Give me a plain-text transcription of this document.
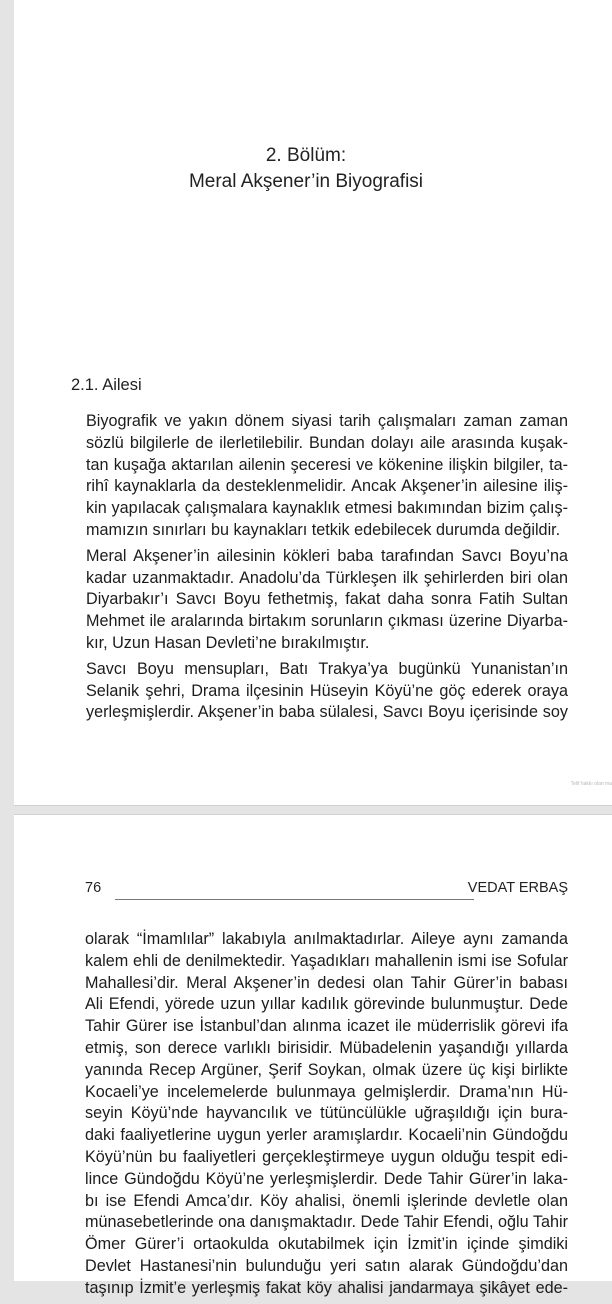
2. Bölüm:
Meral Akşener’in Biyografisi
2.1. Ailesi

Biyografik ve yakın dönem siyasi tarih çalışmaları zaman zaman
sözlü bilgilerle de ilerletilebilir. Bundan dolayı aile arasında kuşak-
tan kuşağa aktarılan ailenin şeceresi ve kökenine ilişkin bilgiler, ta-
rihî kaynaklarla da desteklenmelidir. Ancak Akşener’in ailesine iliş-
kin yapılacak çalışmalara kaynaklık etmesi bakımından bizim çalış-
mamızın sınırları bu kaynakları tetkik edebilecek durumda değildir.

Meral Akşener’in ailesinin kökleri baba tarafından Savcı Boyu’na
kadar uzanmaktadır. Anadolu’da Türkleşen ilk şehirlerden biri olan
Diyarbakır’ı Savcı Boyu fethetmiş, fakat daha sonra Fatih Sultan
Mehmet ile aralarında birtakım sorunların çıkması üzerine Diyarba-
kır, Uzun Hasan Devleti’ne bırakılmıştır.

Savcı Boyu mensupları, Batı Trakya’ya bugünkü Yunanistan’ın
Selanik şehri, Drama ilçesinin Hüseyin Köyü’ne göç ederek oraya
yerleşmişlerdir. Akşener’in baba sülalesi, Savcı Boyu içerisinde soy

Telif hakkı olan ma
76	VEDAT ERBAŞ

olarak “İmamlılar” lakabıyla anılmaktadırlar. Aileye aynı zamanda
kalem ehli de denilmektedir. Yaşadıkları mahallenin ismi ise Sofular
Mahallesi’dir. Meral Akşener’in dedesi olan Tahir Gürer’in babası
Ali Efendi, yörede uzun yıllar kadılık görevinde bulunmuştur. Dede
Tahir Gürer ise İstanbul’dan alınma icazet ile müderrislik görevi ifa
etmiş, son derece varlıklı birisidir. Mübadelenin yaşandığı yıllarda
yanında Recep Argüner, Şerif Soykan, olmak üzere üç kişi birlikte
Kocaeli’ye incelemelerde bulunmaya gelmişlerdir. Drama’nın Hü-
seyin Köyü’nde hayvancılık ve tütüncülükle uğraşıldığı için bura-
daki faaliyetlerine uygun yerler aramışlardır. Kocaeli’nin Gündoğdu
Köyü’nün bu faaliyetleri gerçekleştirmeye uygun olduğu tespit edi-
lince Gündoğdu Köyü’ne yerleşmişlerdir. Dede Tahir Gürer’in laka-
bı ise Efendi Amca’dır. Köy ahalisi, önemli işlerinde devletle olan
münasebetlerinde ona danışmaktadır. Dede Tahir Efendi, oğlu Tahir
Ömer Gürer’i ortaokulda okutabilmek için İzmit’in içinde şimdiki
Devlet Hastanesi’nin bulunduğu yeri satın alarak Gündoğdu’dan
taşınıp İzmit’e yerleşmiş fakat köy ahalisi jandarmaya şikâyet ede-
